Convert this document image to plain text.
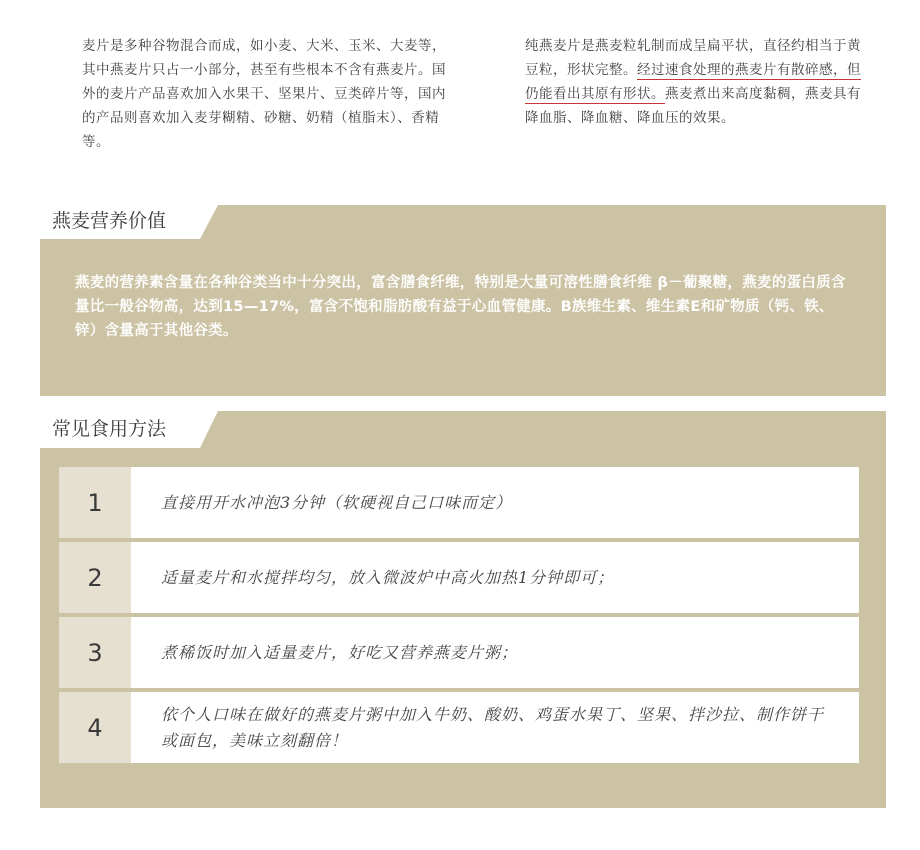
麦片是多种谷物混合而成，如小麦、大米、玉米、大麦等，其中燕麦片只占一小部分，甚至有些根本不含有燕麦片。国外的麦片产品喜欢加入水果干、坚果片、豆类碎片等，国内的产品则喜欢加入麦芽糊精、砂糖、奶精（植脂末）、香精等。
纯燕麦片是燕麦粒轧制而成呈扁平状，直径约相当于黄豆粒，形状完整。经过速食处理的燕麦片有散碎感，但仍能看出其原有形状。燕麦煮出来高度黏稠，燕麦具有降血脂、降血糖、降血压的效果。
燕麦营养价值
燕麦的营养素含量在各种谷类当中十分突出，富含膳食纤维，特别是大量可溶性膳食纤维 β－葡聚糖，燕麦的蛋白质含量比一般谷物高，达到15—17%，富含不饱和脂肪酸有益于心血管健康。B族维生素、维生素E和矿物质（钙、铁、锌）含量高于其他谷类。
常见食用方法
1	直接用开水冲泡3分钟（软硬视自己口味而定）
2	适量麦片和水搅拌均匀，放入微波炉中高火加热1分钟即可；
3	煮稀饭时加入适量麦片，好吃又营养燕麦片粥；
4	依个人口味在做好的燕麦片粥中加入牛奶、酸奶、鸡蛋水果丁、坚果、拌沙拉、制作饼干或面包，美味立刻翻倍！
